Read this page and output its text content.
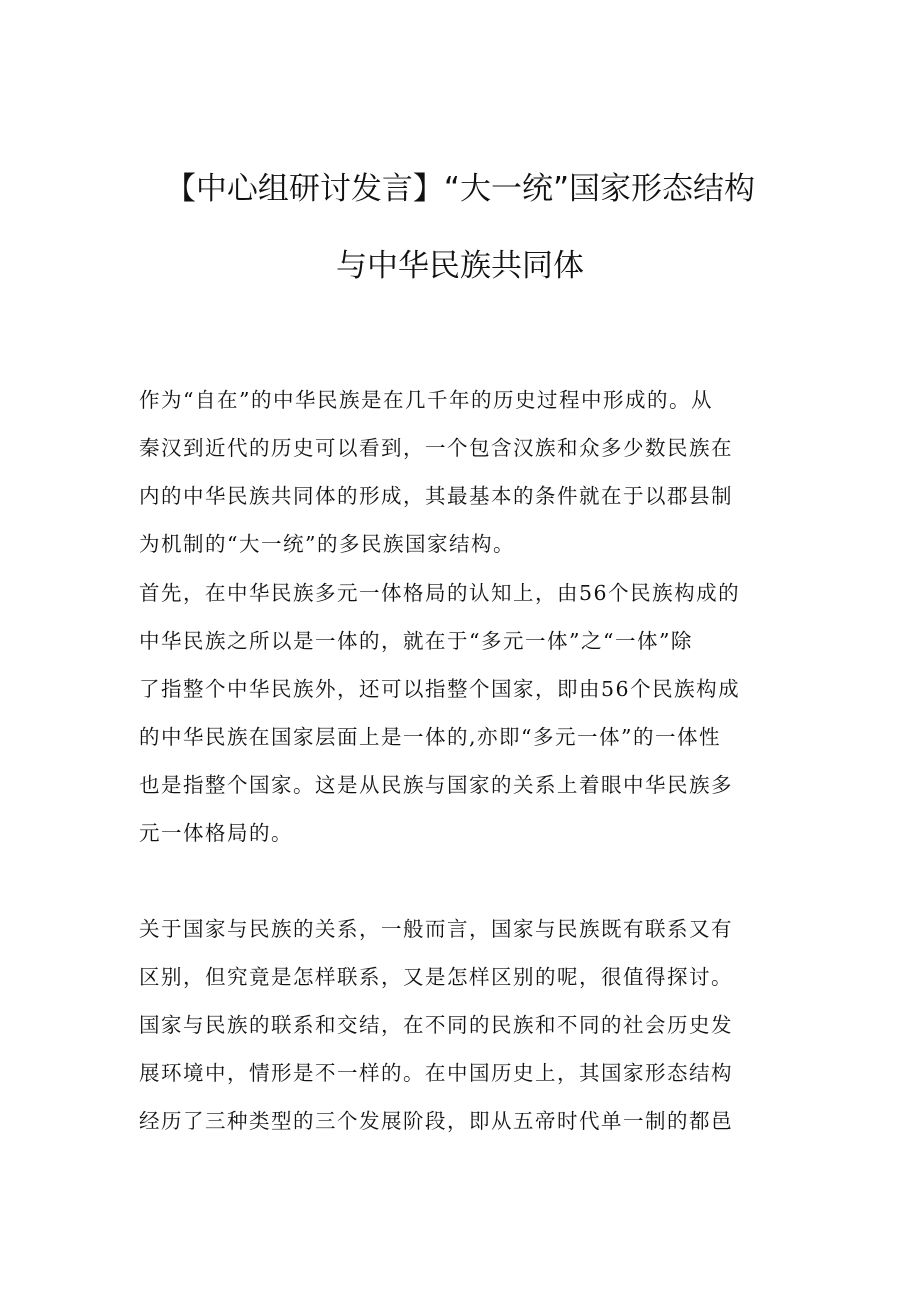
【中心组研讨发言】“大一统”国家形态结构
与中华民族共同体

作为“自在”的中华民族是在几千年的历史过程中形成的。从

秦汉到近代的历史可以看到，一个包含汉族和众多少数民族在

内的中华民族共同体的形成，其最基本的条件就在于以郡县制

为机制的“大一统”的多民族国家结构。

首先，在中华民族多元一体格局的认知上，由56个民族构成的

中华民族之所以是一体的，就在于“多元一体”之“一体”除

了指整个中华民族外，还可以指整个国家，即由56个民族构成

的中华民族在国家层面上是一体的,亦即“多元一体”的一体性

也是指整个国家。这是从民族与国家的关系上着眼中华民族多

元一体格局的。

关于国家与民族的关系，一般而言，国家与民族既有联系又有

区别，但究竟是怎样联系，又是怎样区别的呢，很值得探讨。

国家与民族的联系和交结，在不同的民族和不同的社会历史发

展环境中，情形是不一样的。在中国历史上，其国家形态结构

经历了三种类型的三个发展阶段，即从五帝时代单一制的都邑
